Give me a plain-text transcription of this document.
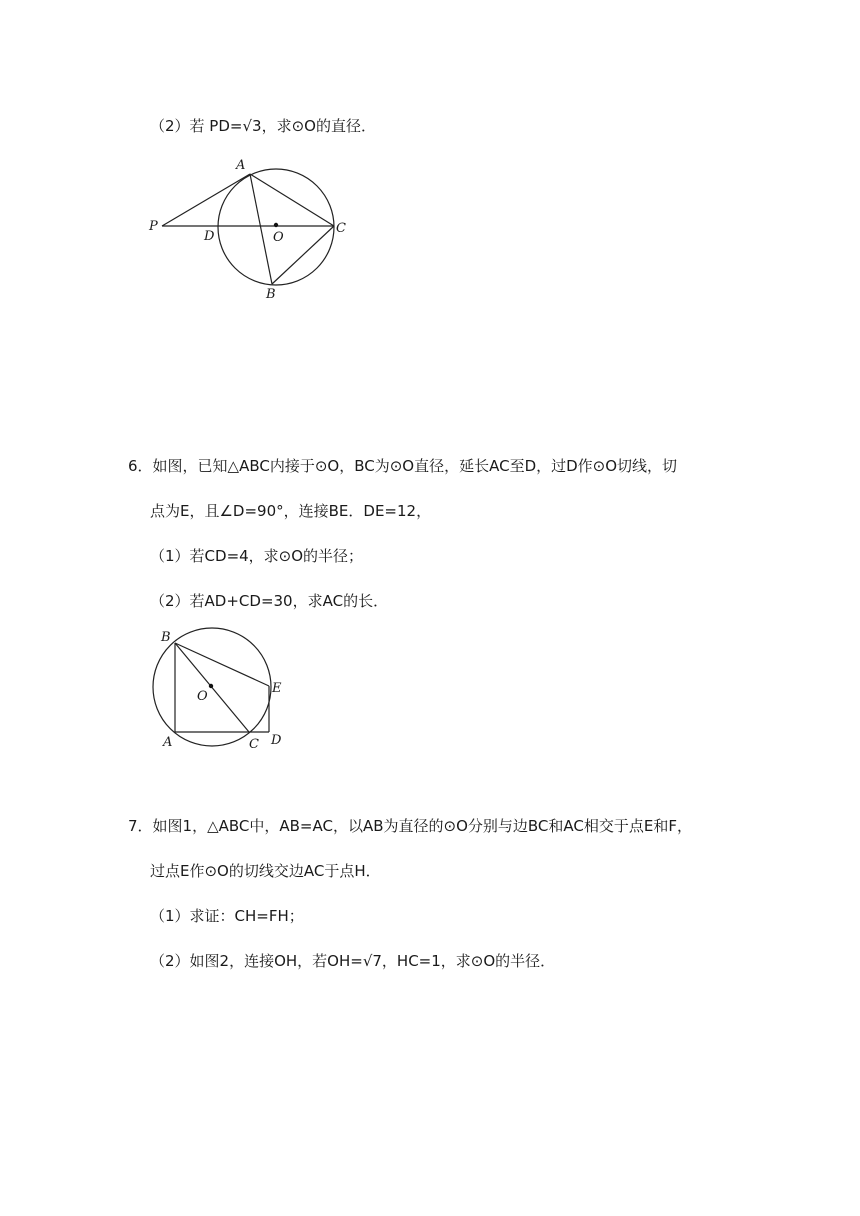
（2）若 PD=√3，求⊙O的直径．
A
P
D	O
C
B
6．如图，已知△ABC内接于⊙O，BC为⊙O直径，延长AC至D，过D作⊙O切线，切
点为E，且∠D=90°，连接BE．DE=12，
（1）若CD=4，求⊙O的半径；
（2）若AD+CD=30，求AC的长．
B
O
E
A	C D
7．如图1，△ABC中，AB=AC，以AB为直径的⊙O分别与边BC和AC相交于点E和F，
过点E作⊙O的切线交边AC于点H．
（1）求证：CH=FH；
（2）如图2，连接OH，若OH=√7，HC=1，求⊙O的半径．
